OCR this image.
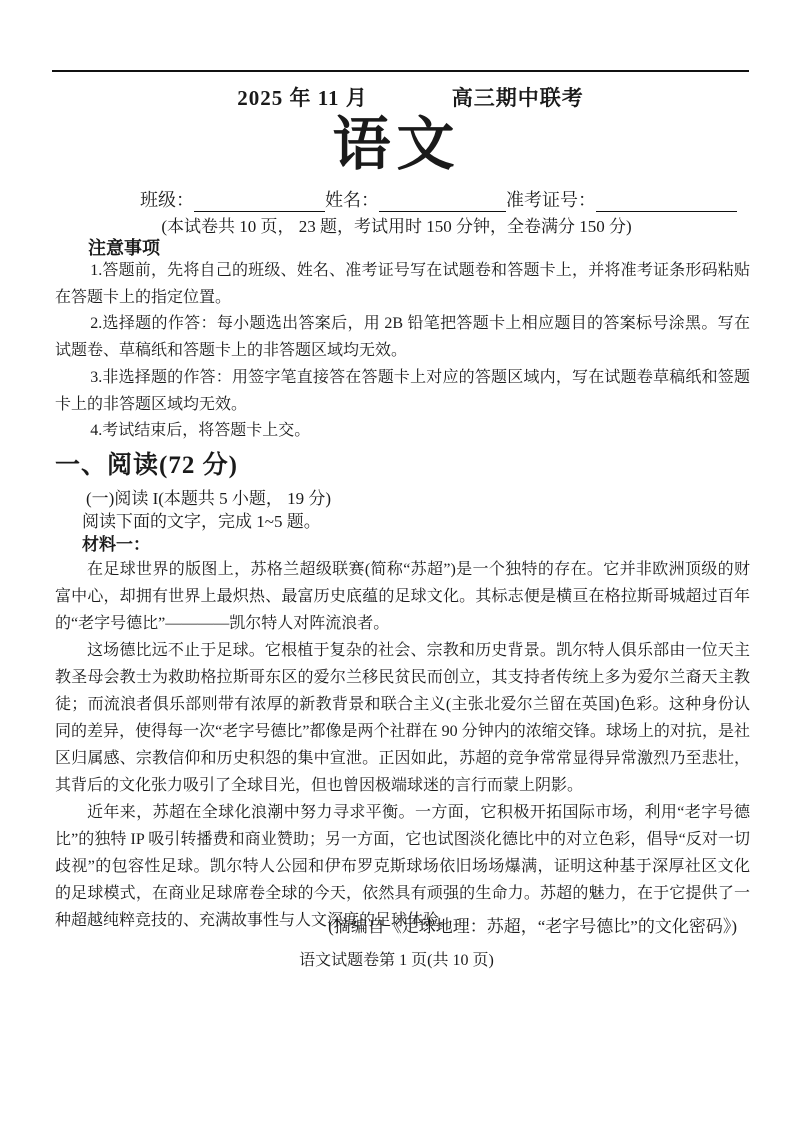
2025 年 11 月	高三期中联考
语文
班级：	姓名：	准考证号：
(本试卷共 10 页， 23 题，考试用时 150 分钟，全卷满分 150 分)
注意事项

1.答题前，先将自己的班级、姓名、准考证号写在试题卷和答题卡上，并将准考证条形码粘贴在答题卡上的指定位置。

2.选择题的作答：每小题选出答案后，用 2B 铅笔把答题卡上相应题目的答案标号涂黑。写在试题卷、草稿纸和答题卡上的非答题区域均无效。

3.非选择题的作答：用签字笔直接答在答题卡上对应的答题区域内，写在试题卷草稿纸和签题卡上的非答题区域均无效。

4.考试结束后，将答题卡上交。

一、阅读(72 分)
(一)阅读 I(本题共 5 小题， 19 分)
阅读下面的文字，完成 1~5 题。
材料一：

在足球世界的版图上，苏格兰超级联赛(简称“苏超”)是一个独特的存在。它并非欧洲顶级的财富中心，却拥有世界上最炽热、最富历史底蕴的足球文化。其标志便是横亘在格拉斯哥城超过百年的“老字号德比”————凯尔特人对阵流浪者。

这场德比远不止于足球。它根植于复杂的社会、宗教和历史背景。凯尔特人俱乐部由一位天主教圣母会教士为救助格拉斯哥东区的爱尔兰移民贫民而创立，其支持者传统上多为爱尔兰裔天主教徒；而流浪者俱乐部则带有浓厚的新教背景和联合主义(主张北爱尔兰留在英国)色彩。这种身份认同的差异，使得每一次“老字号德比”都像是两个社群在 90 分钟内的浓缩交锋。球场上的对抗，是社区归属感、宗教信仰和历史积怨的集中宣泄。正因如此，苏超的竞争常常显得异常激烈乃至悲壮，其背后的文化张力吸引了全球目光，但也曾因极端球迷的言行而蒙上阴影。

近年来，苏超在全球化浪潮中努力寻求平衡。一方面，它积极开拓国际市场，利用“老字号德比”的独特 IP 吸引转播费和商业赞助；另一方面，它也试图淡化德比中的对立色彩，倡导“反对一切歧视”的包容性足球。凯尔特人公园和伊布罗克斯球场依旧场场爆满，证明这种基于深厚社区文化的足球模式，在商业足球席卷全球的今天，依然具有顽强的生命力。苏超的魅力，在于它提供了一种超越纯粹竞技的、充满故事性与人文深度的足球体验。

(摘编自《足球地理：苏超，“老字号德比”的文化密码》)
语文试题卷第 1 页(共 10 页)
